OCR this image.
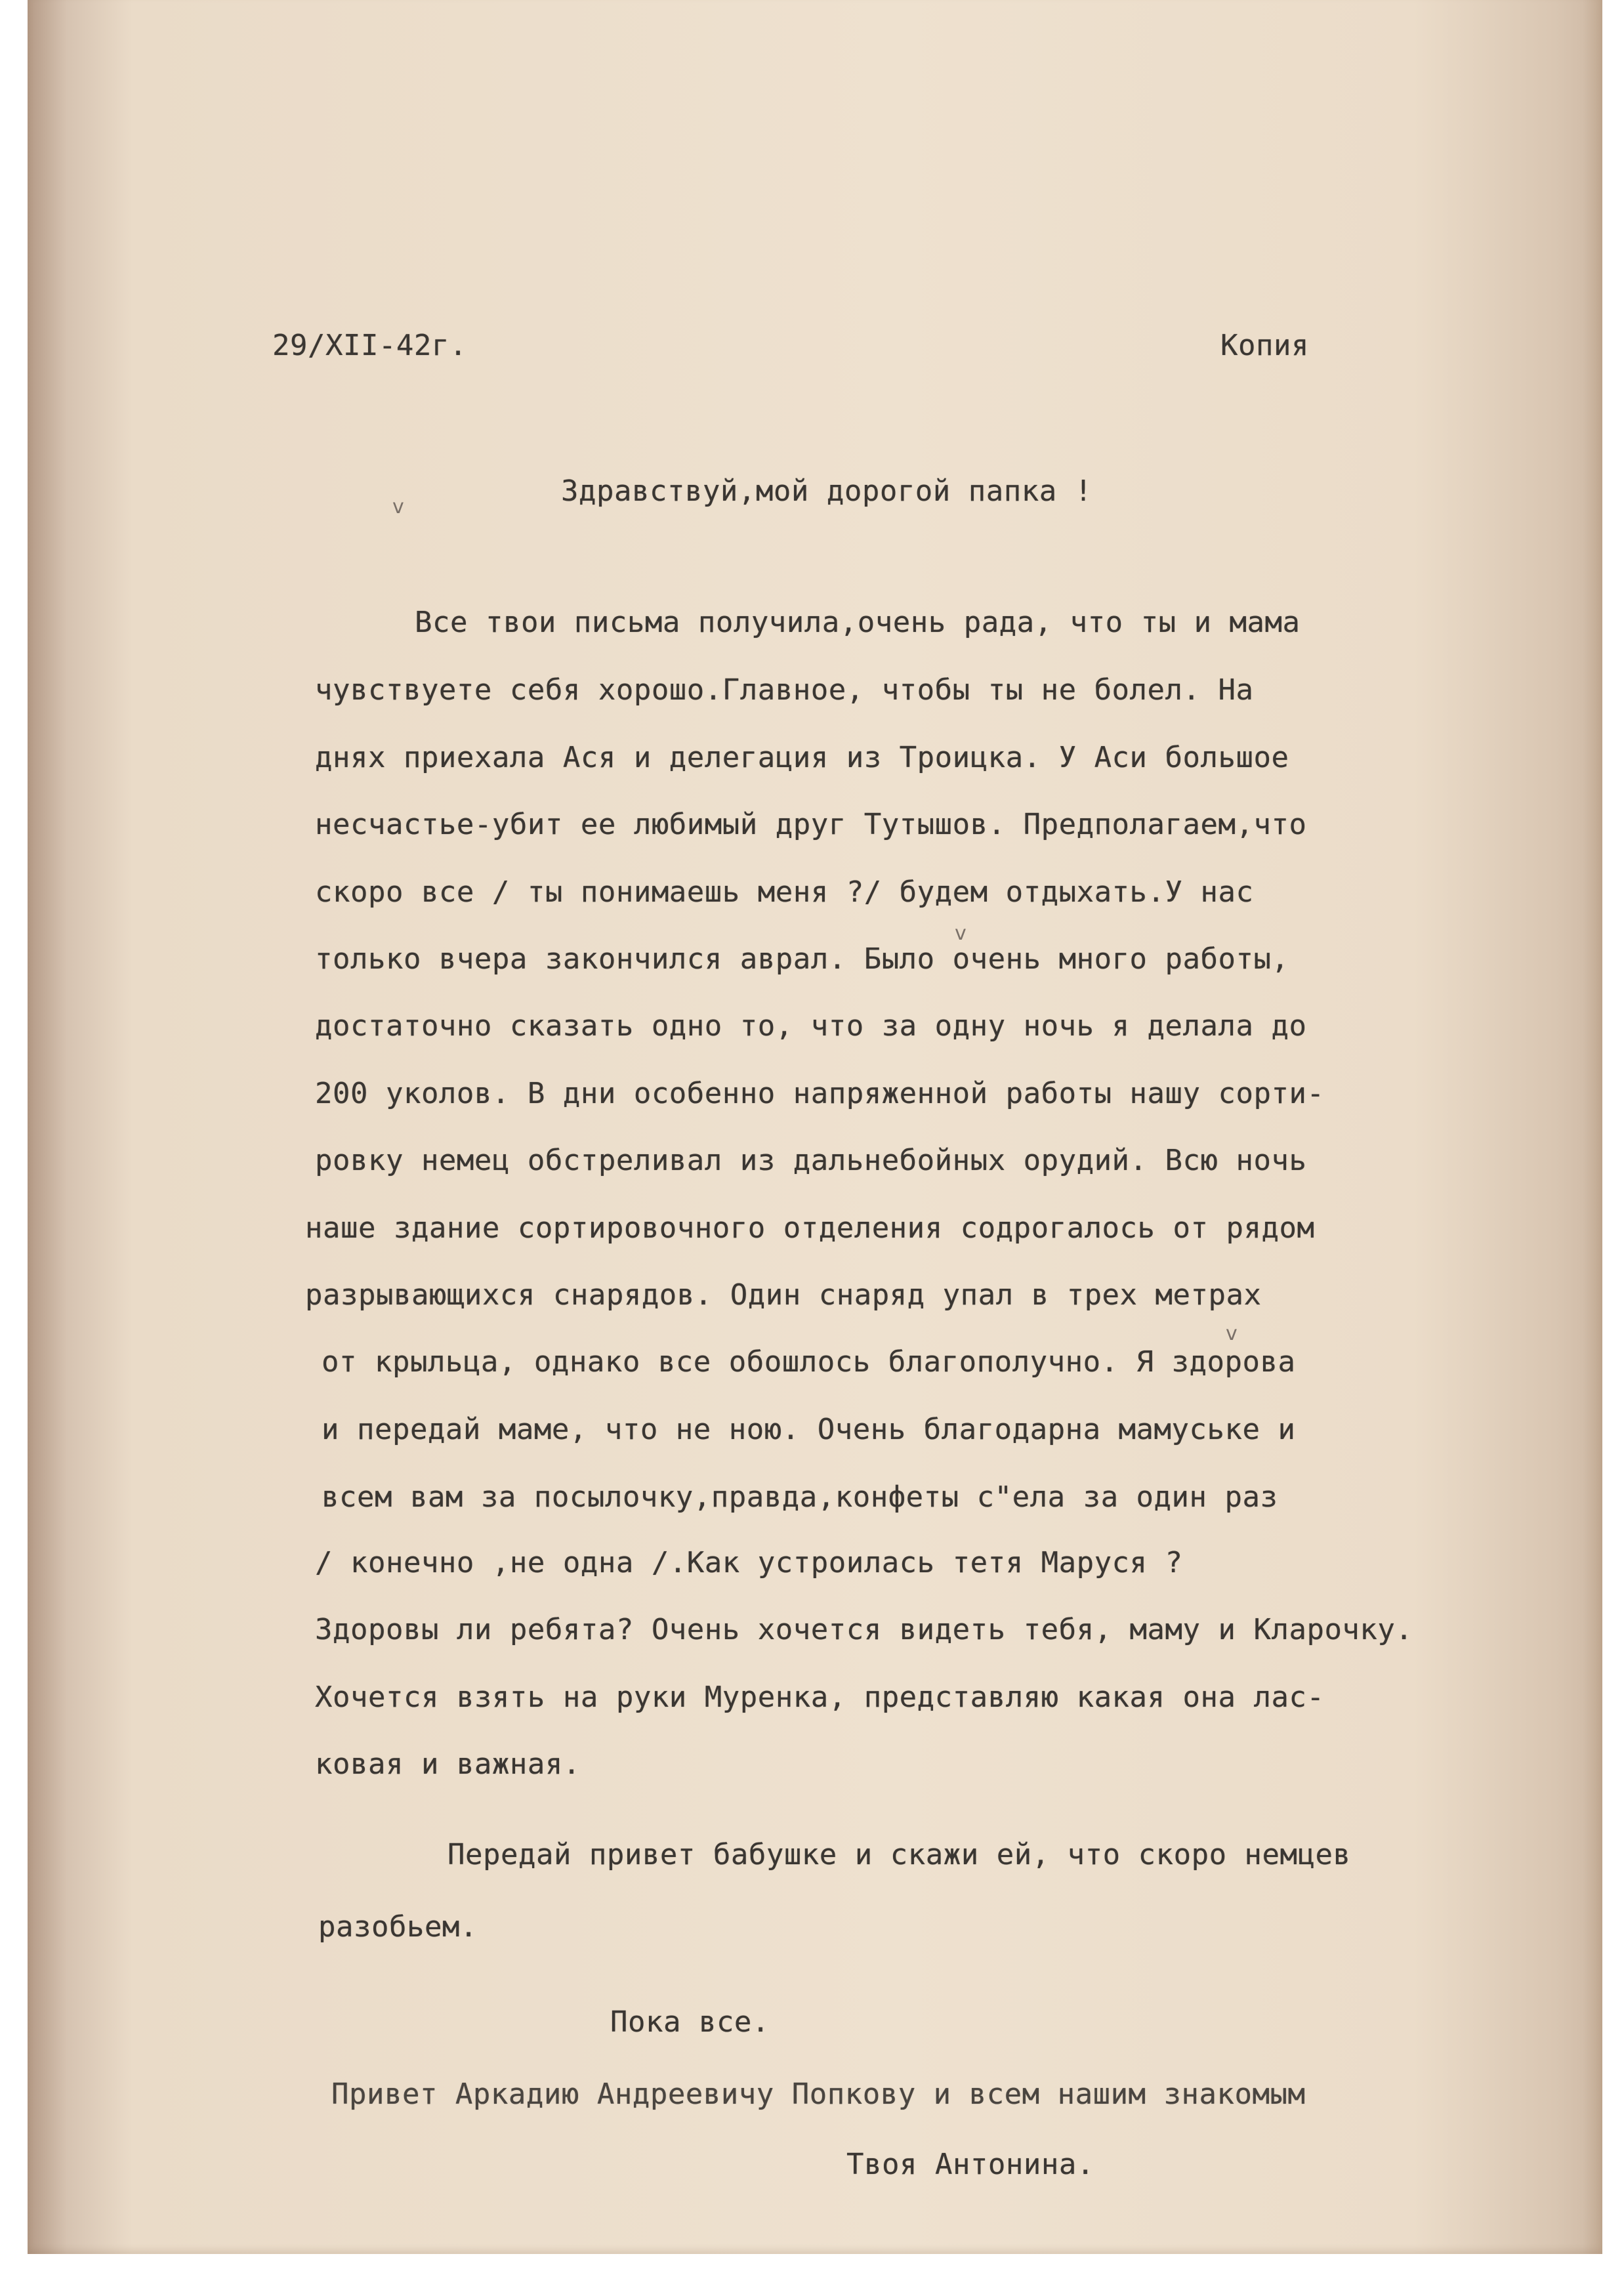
29/XII-42г.	Копия

v	Здравствуй,мой дорогой папка !

Все твои письма получила,очень рада, что ты и мама

чувствуете себя хорошо.Главное, чтобы ты не болел. На

днях приехала Ася и делегация из Троицка. У Аси большое

несчастье-убит ее любимый друг Тутышов. Предполагаем,что

скоро все / ты понимаешь меня ?/ будем отдыхать.У нас

v

только вчера закончился аврал. Было очень много работы,

достаточно сказать одно то, что за одну ночь я делала до

200 уколов. В дни особенно напряженной работы нашу сорти-

ровку немец обстреливал из дальнебойных орудий. Всю ночь

наше здание сортировочного отделения содрогалось от рядом

разрывающихся снарядов. Один снаряд упал в трех метрах

v

от крыльца, однако все обошлось благополучно. Я здорова

и передай маме, что не ною. Очень благодарна мамуське и

всем вам за посылочку,правда,конфеты с"ела за один раз

/ конечно ,не одна /.Как устроилась тетя Маруся ?

Здоровы ли ребята? Очень хочется видеть тебя, маму и Кларочку.

Хочется взять на руки Муренка, представляю какая она лас-

ковая и важная.

Передай привет бабушке и скажи ей, что скоро немцев

разобьем.

Пока все.

Привет Аркадию Андреевичу Попкову и всем нашим знакомым

Твоя Антонина.
